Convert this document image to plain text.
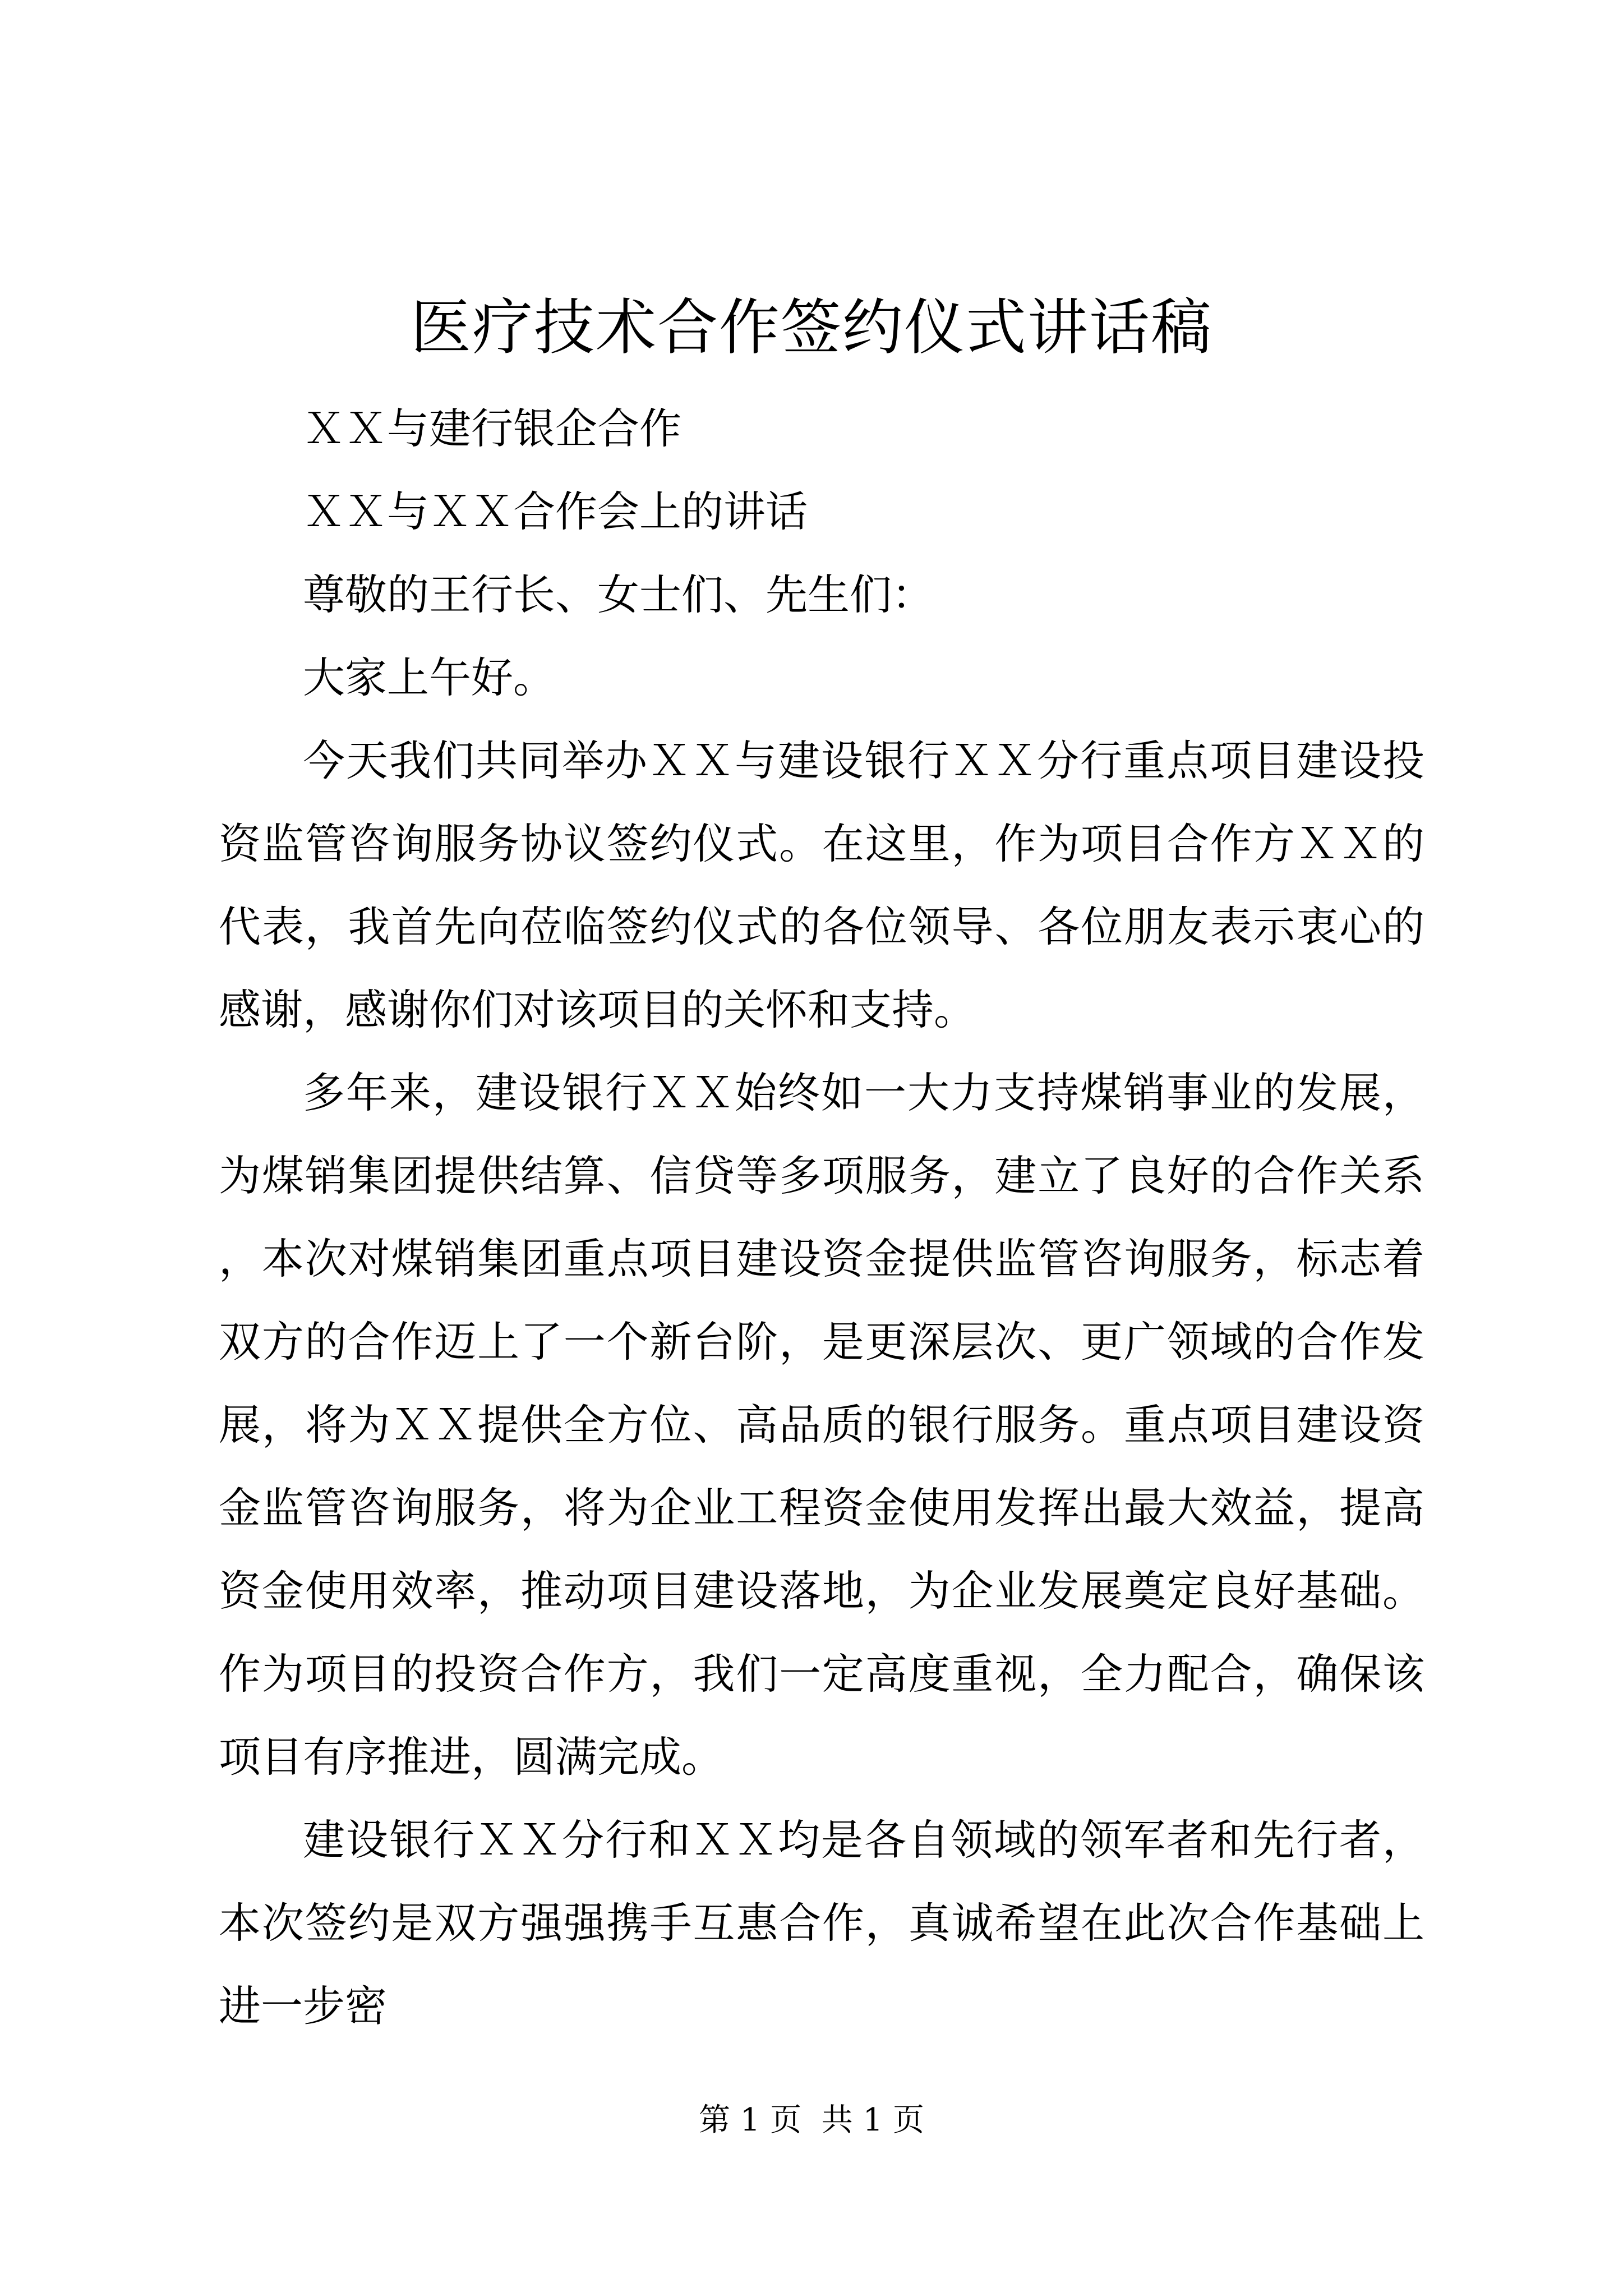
医疗技术合作签约仪式讲话稿

ＸＸ与建行银企合作

ＸＸ与ＸＸ合作会上的讲话

尊敬的王行长、女士们、先生们：

大家上午好。

今天我们共同举办ＸＸ与建设银行ＸＸ分行重点项目建设投资监管咨询服务协议签约仪式。在这里，作为项目合作方ＸＸ的代表，我首先向莅临签约仪式的各位领导、各位朋友表示衷心的感谢，感谢你们对该项目的关怀和支持。

多年来，建设银行ＸＸ始终如一大力支持煤销事业的发展，为煤销集团提供结算、信贷等多项服务，建立了良好的合作关系，本次对煤销集团重点项目建设资金提供监管咨询服务，标志着双方的合作迈上了一个新台阶，是更深层次、更广领域的合作发展，将为ＸＸ提供全方位、高品质的银行服务。重点项目建设资金监管咨询服务，将为企业工程资金使用发挥出最大效益，提高资金使用效率，推动项目建设落地，为企业发展奠定良好基础。作为项目的投资合作方，我们一定高度重视，全力配合，确保该项目有序推进，圆满完成。

建设银行ＸＸ分行和ＸＸ均是各自领域的领军者和先行者，本次签约是双方强强携手互惠合作，真诚希望在此次合作基础上进一步密

第 1 页  共 1 页
